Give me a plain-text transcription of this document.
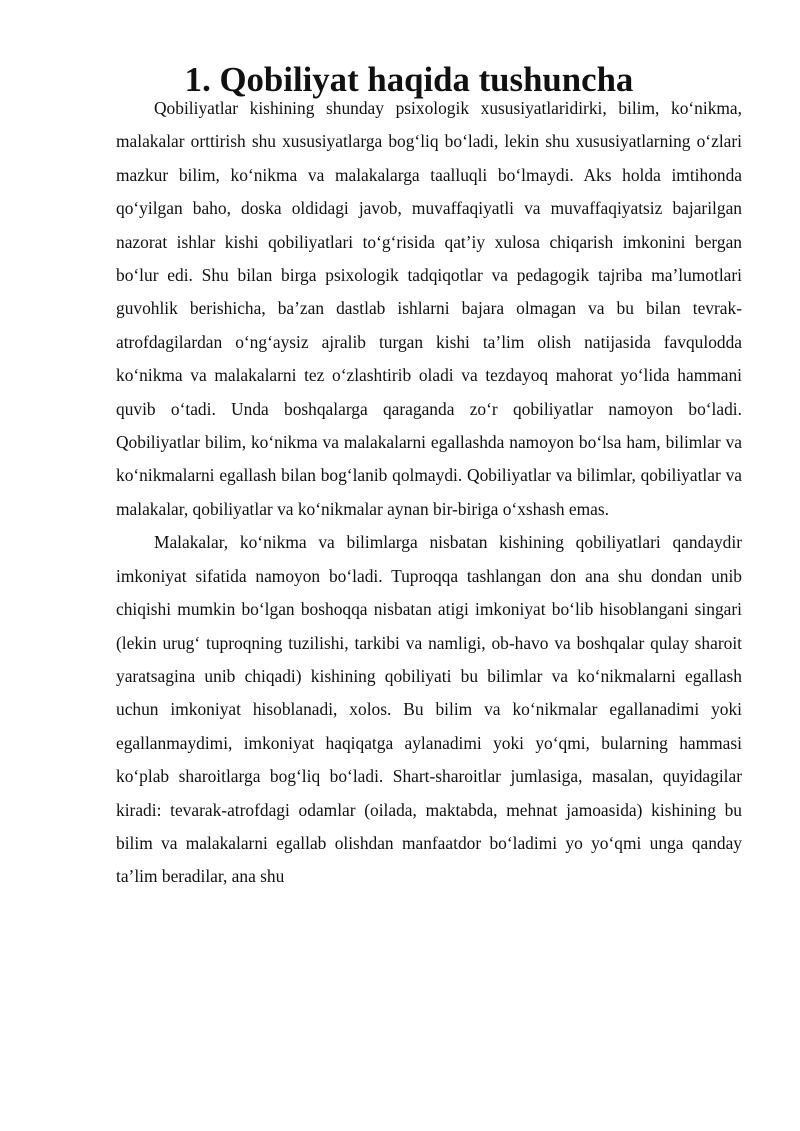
1. Qobiliyat haqida tushuncha

Qobiliyatlar kishining shunday psixologik xususiyatlaridirki, bilim, ko‘nikma, malakalar orttirish shu xususiyatlarga bog‘liq bo‘ladi, lekin shu xususiyatlarning o‘zlari mazkur bilim, ko‘nikma va malakalarga taalluqli bo‘lmaydi. Aks holda imtihonda qo‘yilgan baho, doska oldidagi javob, muvaffaqiyatli va muvaffaqiyatsiz bajarilgan nazorat ishlar kishi qobiliyatlari to‘g‘risida qat’iy xulosa chiqarish imkonini bergan bo‘lur edi. Shu bilan birga psixologik tadqiqotlar va pedagogik tajriba ma’lumotlari guvohlik berishicha, ba’zan dastlab ishlarni bajara olmagan va bu bilan tevrak-atrofdagilardan o‘ng‘aysiz ajralib turgan kishi ta’lim olish natijasida favqulodda ko‘nikma va malakalarni tez o‘zlashtirib oladi va tezdayoq mahorat yo‘lida hammani quvib o‘tadi. Unda boshqalarga qaraganda zo‘r qobiliyatlar namoyon bo‘ladi. Qobiliyatlar bilim, ko‘nikma va malakalarni egallashda namoyon bo‘lsa ham, bilimlar va ko‘nikmalarni egallash bilan bog‘lanib qolmaydi. Qobiliyatlar va bilimlar, qobiliyatlar va malakalar, qobiliyatlar va ko‘nikmalar aynan bir-biriga o‘xshash emas.

Malakalar, ko‘nikma va bilimlarga nisbatan kishining qobiliyatlari qandaydir imkoniyat sifatida namoyon bo‘ladi. Tuproqqa tashlangan don ana shu dondan unib chiqishi mumkin bo‘lgan boshoqqa nisbatan atigi imkoniyat bo‘lib hisoblangani singari (lekin urug‘ tuproqning tuzilishi, tarkibi va namligi, ob-havo va boshqalar qulay sharoit yaratsagina unib chiqadi) kishining qobiliyati bu bilimlar va ko‘nikmalarni egallash uchun imkoniyat hisoblanadi, xolos. Bu bilim va ko‘nikmalar egallanadimi yoki egallanmaydimi, imkoniyat haqiqatga aylanadimi yoki yo‘qmi, bularning hammasi ko‘plab sharoitlarga bog‘liq bo‘ladi. Shart-sharoitlar jumlasiga, masalan, quyidagilar kiradi: tevarak-atrofdagi odamlar (oilada, maktabda, mehnat jamoasida) kishining bu bilim va malakalarni egallab olishdan manfaatdor bo‘ladimi yo yo‘qmi unga qanday ta’lim beradilar, ana shu
